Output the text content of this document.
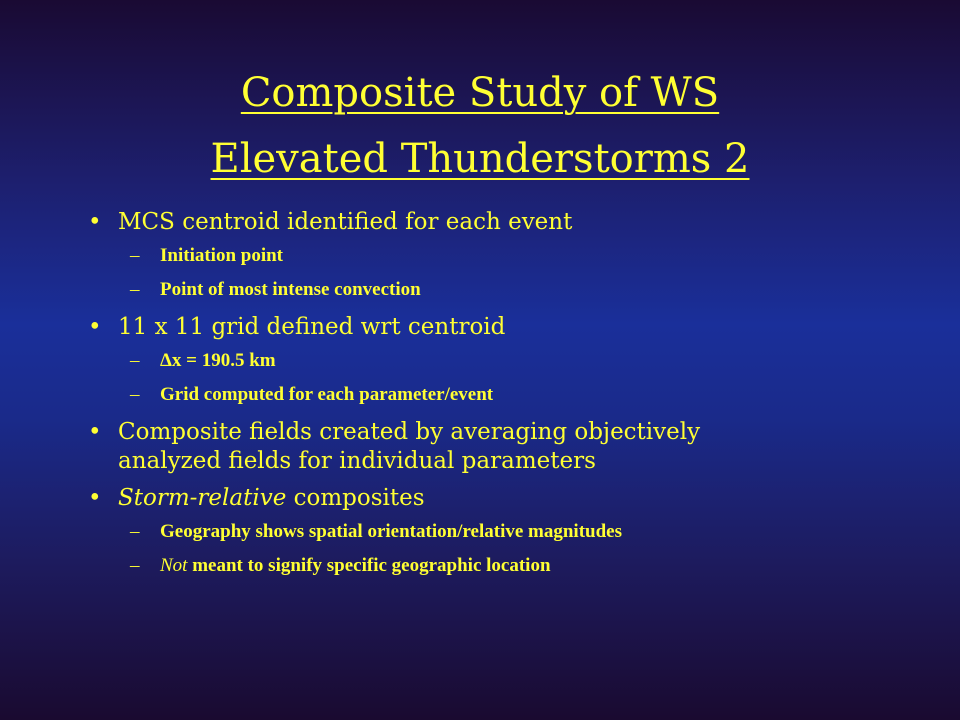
Composite Study of WS
Elevated Thunderstorms 2
• MCS centroid identified for each event
– Initiation point
– Point of most intense convection
• 11 x 11 grid defined wrt centroid
– Δx = 190.5 km
– Grid computed for each parameter/event
• Composite fields created by averaging objectively
analyzed fields for individual parameters
• Storm-relative composites
– Geography shows spatial orientation/relative magnitudes
– Not meant to signify specific geographic location
